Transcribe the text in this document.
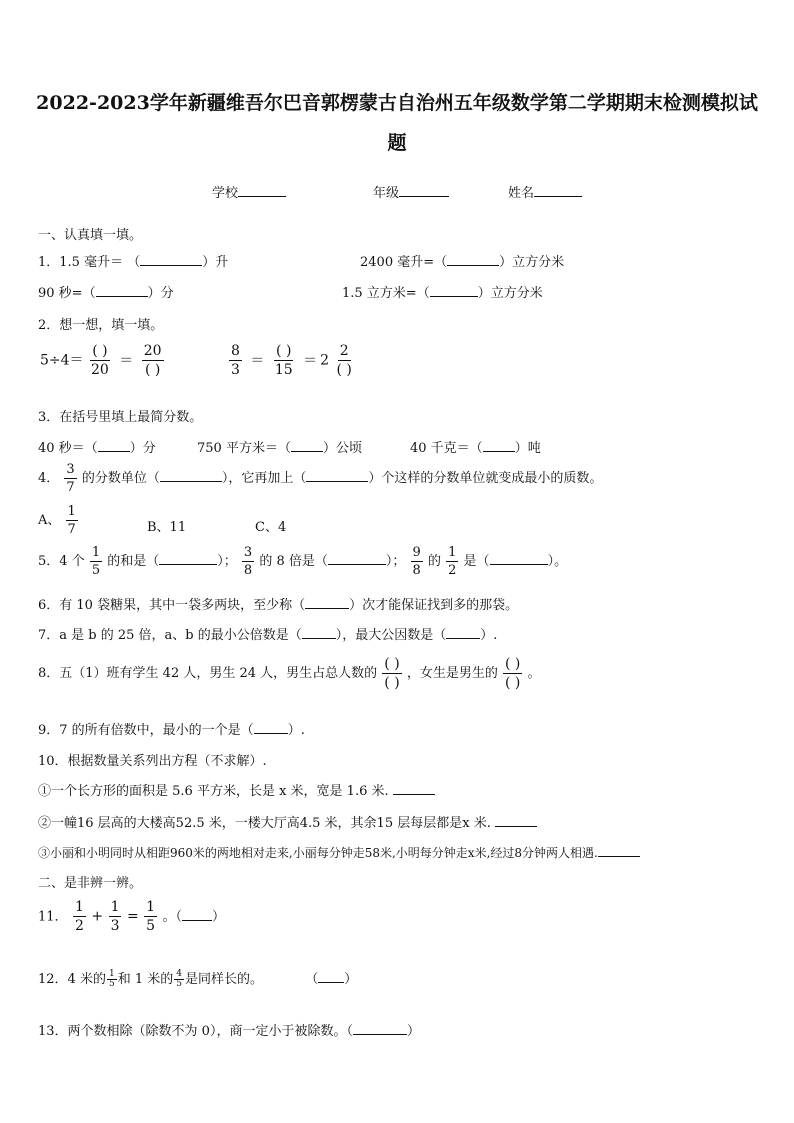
2022-2023学年新疆维吾尔巴音郭楞蒙古自治州五年级数学第二学期期末检测模拟试
题
学校	年级	姓名
一、认真填一填。
1．1.5 毫升＝ （	）升	2400 毫升=（	）立方分米
90 秒=（	）分	1.5 立方米=（	）立方分米
2．想一想，填一填。
$5\div 4= \frac{( )}{20} = \frac{20}{( )}$	$\frac{8}{3} = \frac{( )}{15} = 2 \frac{2}{( )}$
3．在括号里填上最简分数。
40 秒＝（ ）分	750 平方米＝（ ）公顷	40 千克＝（ ）吨
4． $\frac{3}{7}$ 的分数单位（	），它再加上（	）个这样的分数单位就变成最小的质数。
A、 $\frac{1}{7}$	B、11	C、4
5．4 个 $\frac{1}{5}$ 的和是（	）； $\frac{3}{8}$ 的 8 倍是（	）； $\frac{9}{8}$ 的 $\frac{1}{2}$ 是（	）。
6．有 10 袋糖果，其中一袋多两块，至少称（	）次才能保证找到多的那袋。
7．a 是 b 的 25 倍，a、b 的最小公倍数是（	），最大公因数是（	）.
8．五（1）班有学生 42 人，男生 24 人，男生占总人数的 $\frac{( )}{( )}$ ，女生是男生的 $\frac{( )}{( )}$ 。
9．7 的所有倍数中，最小的一个是（	）.
10．根据数量关系列出方程（不求解）.
①一个长方形的面积是 5.6 平方米，长是 x 米，宽是 1.6 米.
②一幢16 层高的大楼高52.5 米，一楼大厅高4.5 米，其余15 层每层都是x 米.
③小丽和小明同时从相距960米的两地相对走来,小丽每分钟走58米,小明每分钟走x米,经过8分钟两人相遇.
二、是非辨一辨。
11． $\frac{1}{2} + \frac{1}{3} = \frac{1}{5}$ 。（ ）
12．4 米的 $\frac{1}{5}$ 和 1 米的 $\frac{4}{5}$ 是同样长的。	（ ）
13．两个数相除（除数不为 0），商一定小于被除数。（	）
